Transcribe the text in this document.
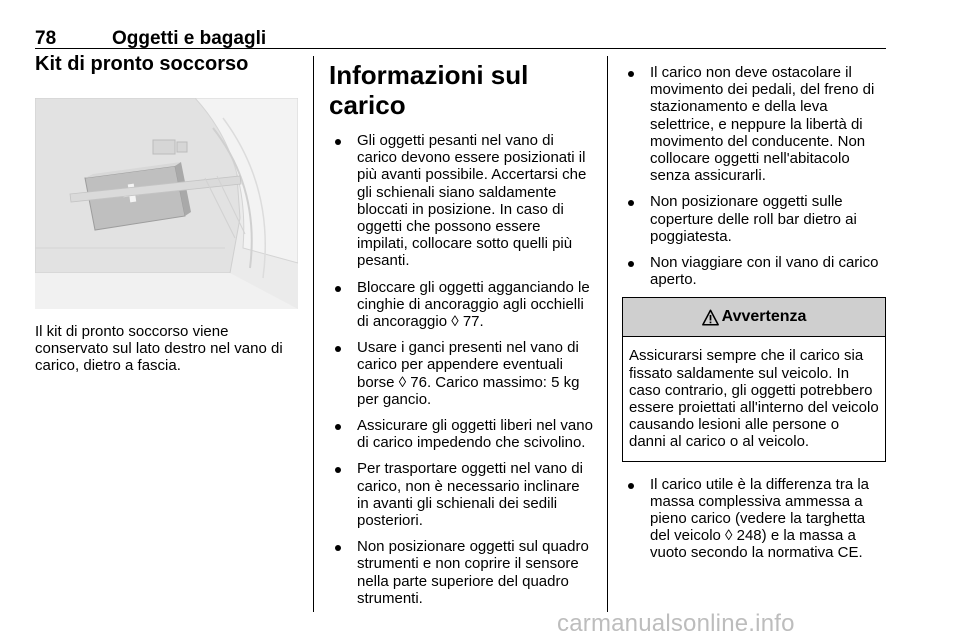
78	Oggetti e bagagli
Kit di pronto soccorso

Il kit di pronto soccorso viene conservato sul lato destro nel vano di carico, dietro a fascia.

Informazioni sul carico
Gli oggetti pesanti nel vano di carico devono essere posizionati il più avanti possibile. Accertarsi che gli schienali siano saldamente bloccati in posizione. In caso di oggetti che possono essere impilati, collocare sotto quelli più pesanti.
Bloccare gli oggetti agganciando le cinghie di ancoraggio agli occhielli di ancoraggio ◊ 77.
Usare i ganci presenti nel vano di carico per appendere eventuali borse ◊ 76. Carico massimo: 5 kg per gancio.
Assicurare gli oggetti liberi nel vano di carico impedendo che scivolino.
Per trasportare oggetti nel vano di carico, non è necessario inclinare in avanti gli schienali dei sedili posteriori.
Non posizionare oggetti sul quadro strumenti e non coprire il sensore nella parte superiore del quadro strumenti.
Il carico non deve ostacolare il movimento dei pedali, del freno di stazionamento e della leva selettrice, e neppure la libertà di movimento del conducente. Non collocare oggetti nell'abitacolo senza assicurarli.
Non posizionare oggetti sulle coperture delle roll bar dietro ai poggiatesta.
Non viaggiare con il vano di carico aperto.
Avvertenza

Assicurarsi sempre che il carico sia fissato saldamente sul veicolo. In caso contrario, gli oggetti potrebbero essere proiettati all'interno del veicolo causando lesioni alle persone o danni al carico o al veicolo.

Il carico utile è la differenza tra la massa complessiva ammessa a pieno carico (vedere la targhetta del veicolo ◊ 248) e la massa a vuoto secondo la normativa CE.
carmanualsonline.info
